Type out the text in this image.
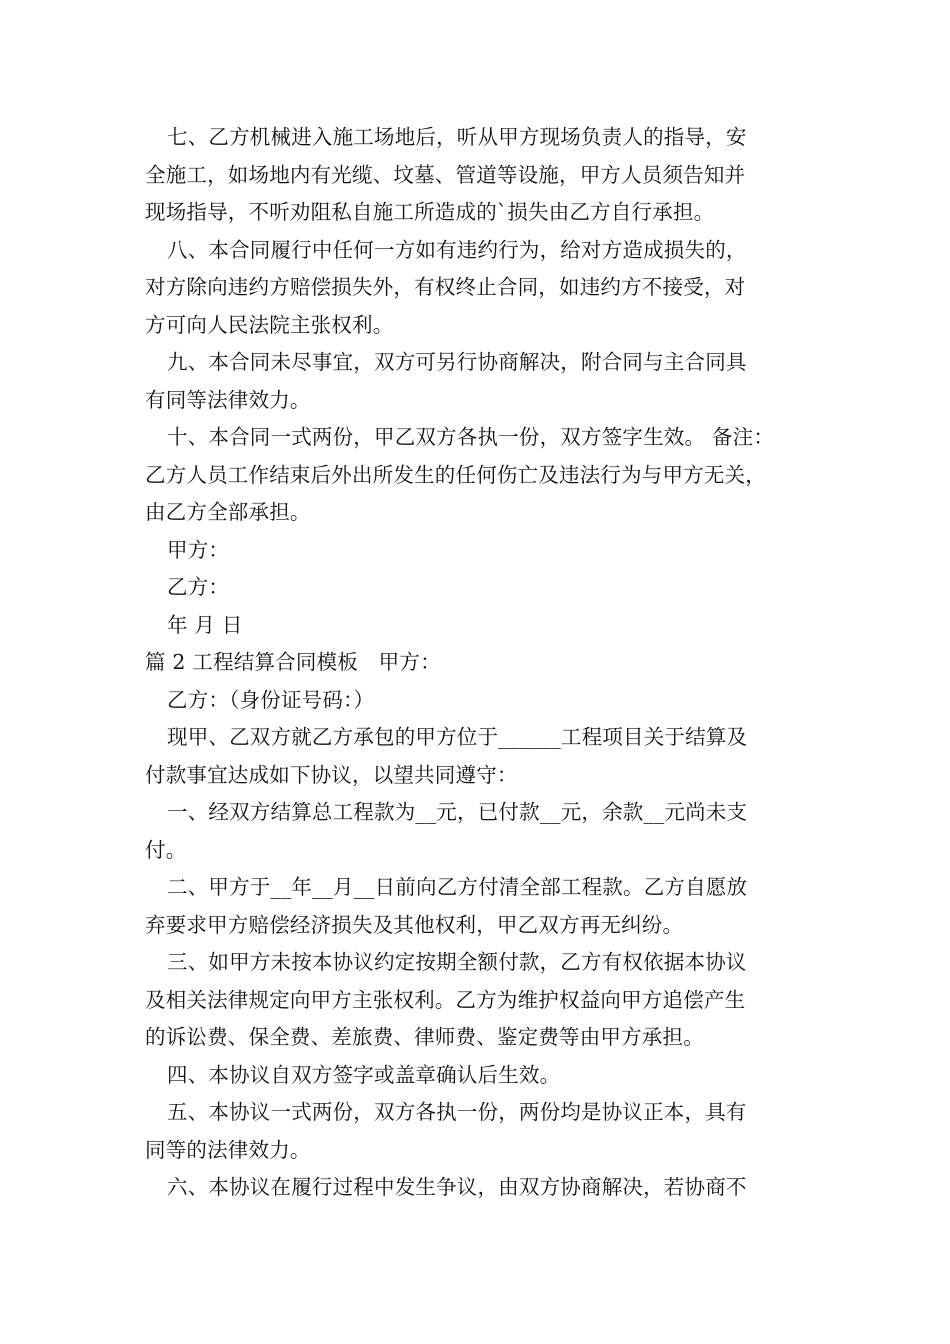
七、乙方机械进入施工场地后，听从甲方现场负责人的指导，安
全施工，如场地内有光缆、坟墓、管道等设施，甲方人员须告知并
现场指导，不听劝阻私自施工所造成的`损失由乙方自行承担。
八、本合同履行中任何一方如有违约行为，给对方造成损失的，
对方除向违约方赔偿损失外，有权终止合同，如违约方不接受，对
方可向人民法院主张权利。
九、本合同未尽事宜，双方可另行协商解决，附合同与主合同具
有同等法律效力。
十、本合同一式两份，甲乙双方各执一份，双方签字生效。 备注：
乙方人员工作结束后外出所发生的任何伤亡及违法行为与甲方无关，
由乙方全部承担。
甲方：
乙方：
年 月 日
篇 2 工程结算合同模板　甲方：
乙方：（身份证号码：）
现甲、乙双方就乙方承包的甲方位于______工程项目关于结算及
付款事宜达成如下协议，以望共同遵守：
一、经双方结算总工程款为__元，已付款__元，余款__元尚未支
付。
二、甲方于__年__月__日前向乙方付清全部工程款。乙方自愿放
弃要求甲方赔偿经济损失及其他权利，甲乙双方再无纠纷。
三、如甲方未按本协议约定按期全额付款，乙方有权依据本协议
及相关法律规定向甲方主张权利。乙方为维护权益向甲方追偿产生
的诉讼费、保全费、差旅费、律师费、鉴定费等由甲方承担。
四、本协议自双方签字或盖章确认后生效。
五、本协议一式两份，双方各执一份，两份均是协议正本，具有
同等的法律效力。
六、本协议在履行过程中发生争议，由双方协商解决，若协商不
